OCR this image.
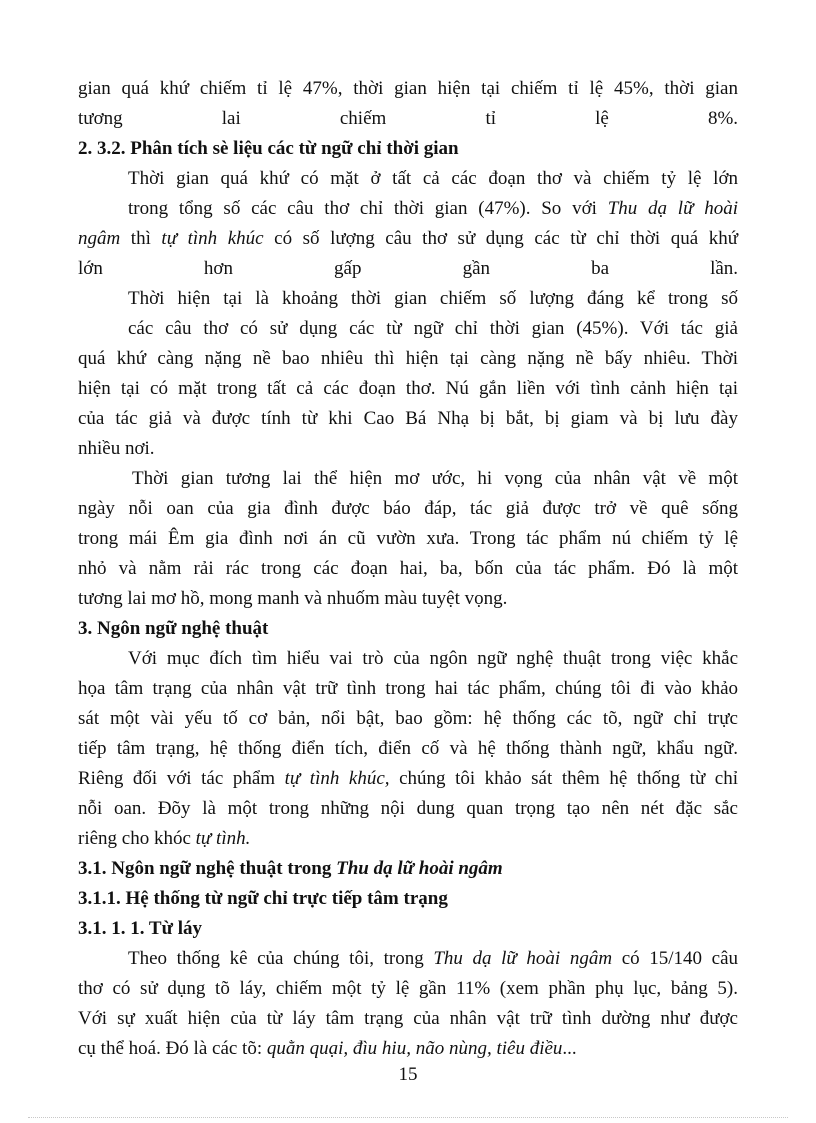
gian quá khứ chiếm tỉ lệ 47%, thời gian hiện tại chiếm tỉ lệ 45%, thời gian
tương	lai	chiếm	tỉ	lệ	8%.
2. 3.2. Phân tích sè liệu các từ ngữ chỉ thời gian
Thời gian quá khứ có mặt ở tất cả các đoạn thơ và chiếm tỷ lệ lớn
trong tổng số các câu thơ chỉ thời gian (47%). So với Thu dạ lữ hoài
ngâm thì tự tình khúc có số lượng câu thơ sử dụng các từ chỉ thời quá khứ
lớn	hơn	gấp	gần	ba	lần.
Thời hiện tại là khoảng thời gian chiếm số lượng đáng kể trong số
các câu thơ có sử dụng các từ ngữ chỉ thời gian (45%). Với tác giả
quá khứ càng nặng nề bao nhiêu thì hiện tại càng nặng nề bấy nhiêu. Thời
hiện tại có mặt trong tất cả các đoạn thơ. Nú gắn liền với tình cảnh hiện tại
của tác giả và được tính từ khi Cao Bá Nhạ bị bắt, bị giam và bị lưu đày
nhiều nơi.
Thời gian tương lai thể hiện mơ ước, hi vọng của nhân vật về một
ngày nỗi oan của gia đình được báo đáp, tác giả được trở về quê sống
trong mái Êm gia đình nơi án cũ vườn xưa. Trong tác phẩm nú chiếm tỷ lệ
nhỏ và nằm rải rác trong các đoạn hai, ba, bốn của tác phẩm. Đó là một
tương lai mơ hồ, mong manh và nhuốm màu tuyệt vọng.
3. Ngôn ngữ nghệ thuật
Với mục đích tìm hiểu vai trò của ngôn ngữ nghệ thuật trong việc khắc
họa tâm trạng của nhân vật trữ tình trong hai tác phẩm, chúng tôi đi vào khảo
sát một vài yếu tố cơ bản, nổi bật, bao gồm: hệ thống các tõ, ngữ chỉ trực
tiếp tâm trạng, hệ thống điển tích, điển cố và hệ thống thành ngữ, khẩu ngữ.
Riêng đối với tác phẩm tự tình khúc, chúng tôi khảo sát thêm hệ thống từ chỉ
nỗi oan. Đõy là một trong những nội dung quan trọng tạo nên nét đặc sắc
riêng cho khóc tự tình.
3.1. Ngôn ngữ nghệ thuật trong Thu dạ lữ hoài ngâm
3.1.1. Hệ thống từ ngữ chỉ trực tiếp tâm trạng
3.1. 1. 1. Từ láy
Theo thống kê của chúng tôi, trong Thu dạ lữ hoài ngâm có 15/140 câu
thơ có sử dụng tõ láy, chiếm một tỷ lệ gần 11% (xem phần phụ lục, bảng 5).
Với sự xuất hiện của từ láy tâm trạng của nhân vật trữ tình dường như được
cụ thể hoá. Đó là các tõ: quằn quại, đìu hiu, não nùng, tiêu điều...
15
